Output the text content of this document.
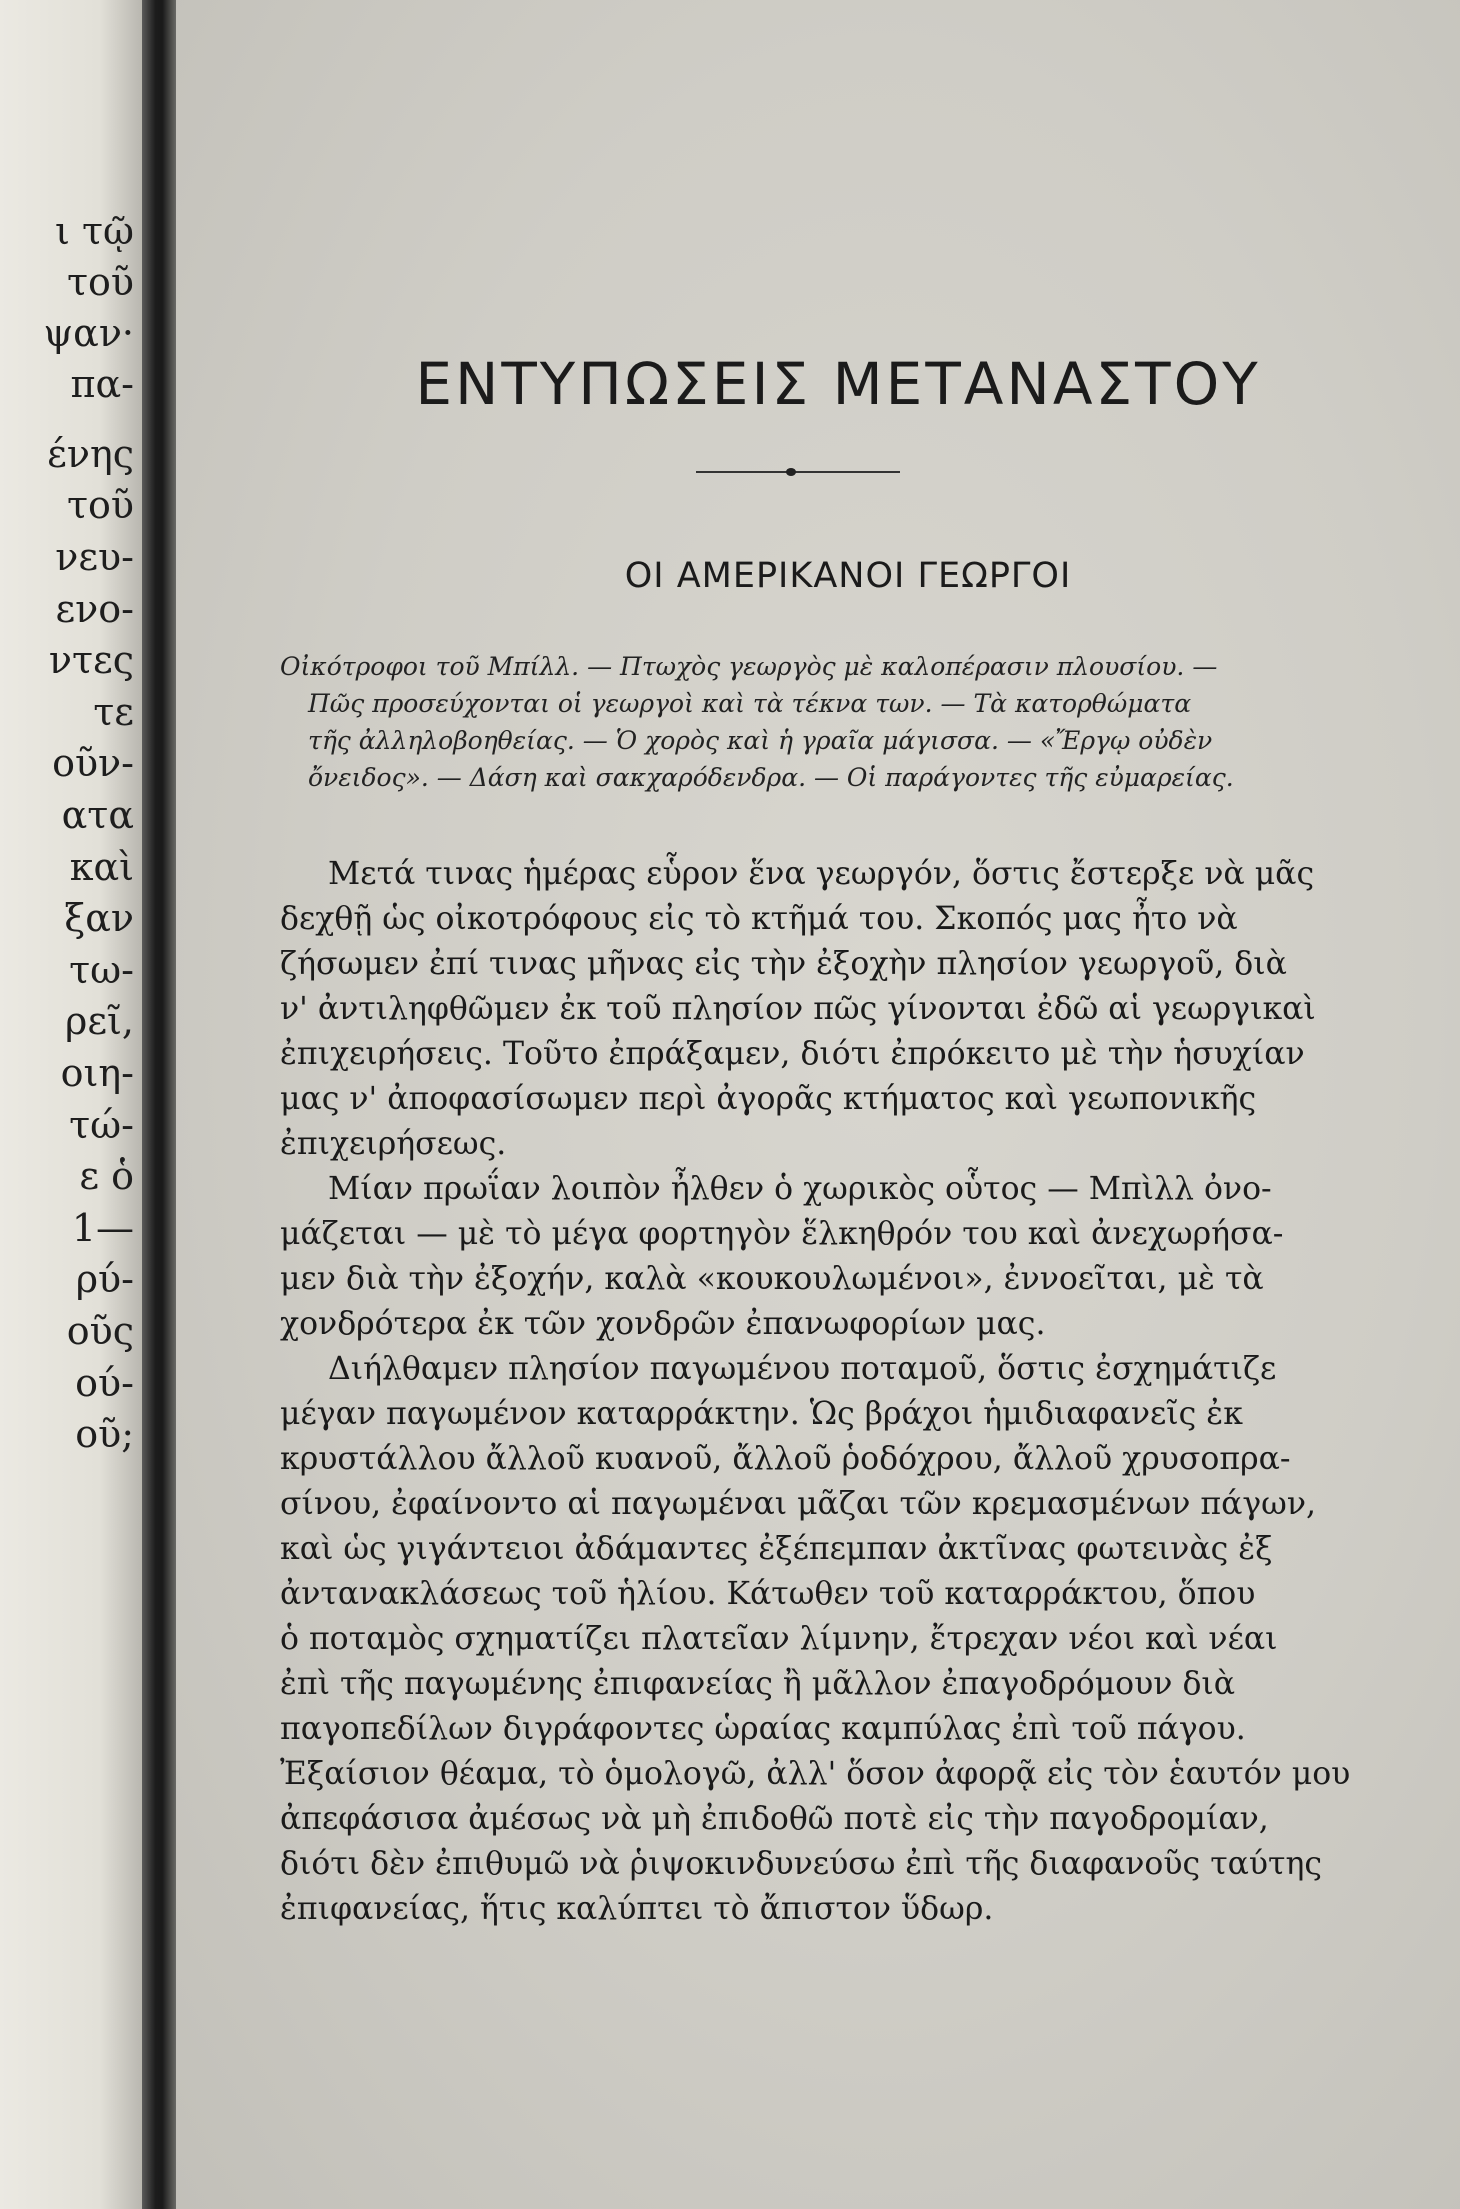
ι τῷ
τοῦ
ψαν·
πα-
ένης
τοῦ
νευ-
ενο-
ντες
τε
οῦν-
ατα
καὶ
ξαν
τω-
ρεῖ,
οιη-
τώ-
ε ὁ
1—
ρύ-
οῦς
ού-
οῦ;
ΕΝΤΥΠΩΣΕΙΣ ΜΕΤΑΝΑΣΤΟΥ
ΟΙ ΑΜΕΡΙΚΑΝΟΙ ΓΕΩΡΓΟΙ
Οἰκότροφοι τοῦ Μπίλλ. — Πτωχὸς γεωργὸς μὲ καλοπέρασιν πλουσίου. —
Πῶς προσεύχονται οἱ γεωργοὶ καὶ τὰ τέκνα των. — Τὰ κατορθώματα
τῆς ἀλληλοβοηθείας. — Ὁ χορὸς καὶ ἡ γραῖα μάγισσα. — «Ἔργῳ οὐδὲν
ὄνειδος». — Δάση καὶ σακχαρόδενδρα. — Οἱ παράγοντες τῆς εὐμαρείας.
Μετά τινας ἡμέρας εὗρον ἕνα γεωργόν, ὅστις ἔστερξε νὰ μᾶς
δεχθῇ ὡς οἰκοτρόφους εἰς τὸ κτῆμά του. Σκοπός μας ἦτο νὰ
ζήσωμεν ἐπί τινας μῆνας εἰς τὴν ἐξοχὴν πλησίον γεωργοῦ, διὰ
ν' ἀντιληφθῶμεν ἐκ τοῦ πλησίον πῶς γίνονται ἐδῶ αἱ γεωργικαὶ
ἐπιχειρήσεις. Τοῦτο ἐπράξαμεν, διότι ἐπρόκειτο μὲ τὴν ἡσυχίαν
μας ν' ἀποφασίσωμεν περὶ ἀγορᾶς κτήματος καὶ γεωπονικῆς
ἐπιχειρήσεως.
Μίαν πρωΐαν λοιπὸν ἦλθεν ὁ χωρικὸς οὗτος — Μπὶλλ ὀνο-
μάζεται — μὲ τὸ μέγα φορτηγὸν ἕλκηθρόν του καὶ ἀνεχωρήσα-
μεν διὰ τὴν ἐξοχήν, καλὰ «κουκουλωμένοι», ἐννοεῖται, μὲ τὰ
χονδρότερα ἐκ τῶν χονδρῶν ἐπανωφορίων μας.
Διήλθαμεν πλησίον παγωμένου ποταμοῦ, ὅστις ἐσχημάτιζε
μέγαν παγωμένον καταρράκτην. Ὡς βράχοι ἡμιδιαφανεῖς ἐκ
κρυστάλλου ἄλλοῦ κυανοῦ, ἄλλοῦ ῥοδόχρου, ἄλλοῦ χρυσοπρα-
σίνου, ἐφαίνοντο αἱ παγωμέναι μᾶζαι τῶν κρεμασμένων πάγων,
καὶ ὡς γιγάντειοι ἀδάμαντες ἐξέπεμπαν ἀκτῖνας φωτεινὰς ἐξ
ἀντανακλάσεως τοῦ ἡλίου. Κάτωθεν τοῦ καταρράκτου, ὅπου
ὁ ποταμὸς σχηματίζει πλατεῖαν λίμνην, ἔτρεχαν νέοι καὶ νέαι
ἐπὶ τῆς παγωμένης ἐπιφανείας ἢ μᾶλλον ἐπαγοδρόμουν διὰ
παγοπεδίλων διγράφοντες ὡραίας καμπύλας ἐπὶ τοῦ πάγου.
Ἐξαίσιον θέαμα, τὸ ὁμολογῶ, ἀλλ' ὅσον ἀφορᾷ εἰς τὸν ἑαυτόν μου
ἀπεφάσισα ἀμέσως νὰ μὴ ἐπιδοθῶ ποτὲ εἰς τὴν παγοδρομίαν,
διότι δὲν ἐπιθυμῶ νὰ ῥιψοκινδυνεύσω ἐπὶ τῆς διαφανοῦς ταύτης
ἐπιφανείας, ἥτις καλύπτει τὸ ἄπιστον ὕδωρ.
